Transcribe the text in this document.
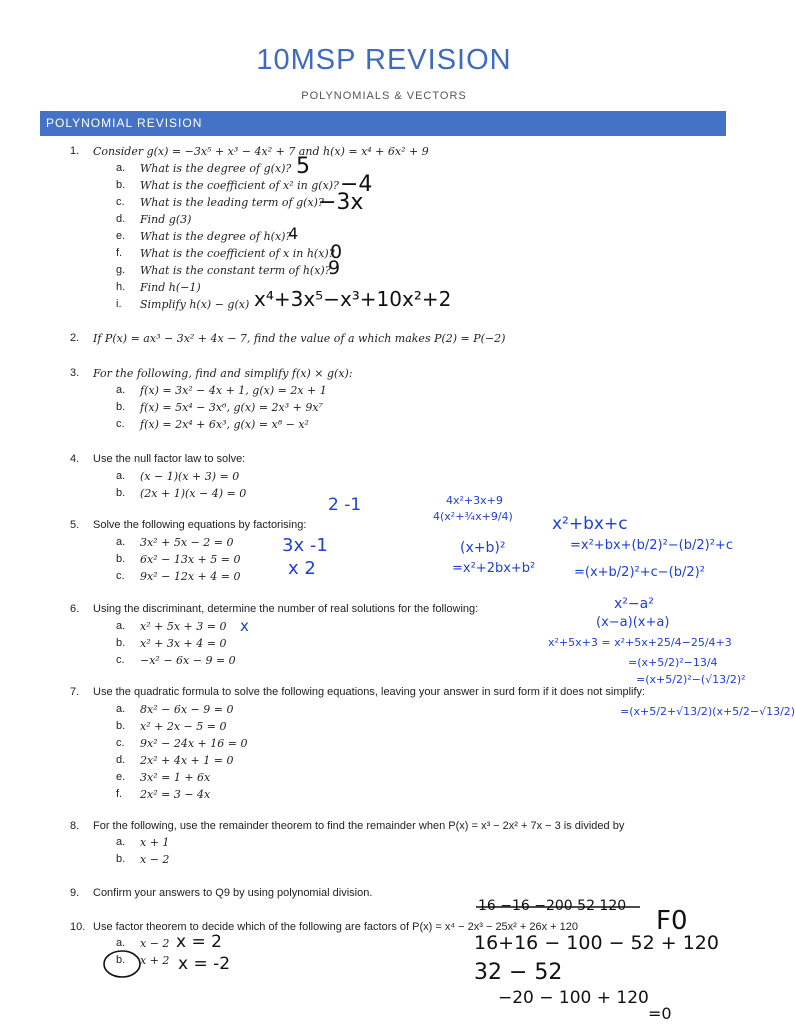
10MSP REVISION
POLYNOMIALS & VECTORS
POLYNOMIAL REVISION
1. Consider g(x) = −3x⁵ + x³ − 4x² + 7 and h(x) = x⁴ + 6x² + 9
2. If P(x) = ax³ − 3x² + 4x − 7, find the value of a which makes P(2) = P(−2)
3. For the following, find and simplify f(x) × g(x):
4. Use the null factor law to solve:
5. Solve the following equations by factorising:
6. Using the discriminant, determine the number of real solutions for the following:
7. Use the quadratic formula to solve the following equations, leaving your answer in surd form if it does not simplify:
8. For the following, use the remainder theorem to find the remainder when P(x) = x³ − 2x² + 7x − 3 is divided by
9. Confirm your answers to Q9 by using polynomial division.
10. Use factor theorem to decide which of the following are factors of P(x) = x⁴ − 2x³ − 25x² + 26x + 120
5
−4
−3x
4
0
9
x⁴+3x⁵−x³+10x²+2
2 -1
3x -1
x 2
4x²+3x+9
4(x²+¾x+9/4)
(x+b)²
=x²+2bx+b²
x²+bx+c
=x²+bx+(b/2)²−(b/2)²+c
=(x+b/2)²+c−(b/2)²
x²−a²
(x−a)(x+a)
x²+5x+3 = x²+5x+25/4−25/4+3
=(x+5/2)²−13/4
=(x+5/2)²−(√13/2)²
=(x+5/2+√13/2)(x+5/2−√13/2)
x
x = 2
x = -2
16 −16 −200 52 120 F0
16+16 − 100 − 52 + 120
32 − 52
−20 − 100 + 120
=0
a. What is the degree of g(x)?
b. What is the coefficient of x² in g(x)?
c. What is the leading term of g(x)?
d. Find g(3)
e. What is the degree of h(x)?
f. What is the coefficient of x in h(x)?
g. What is the constant term of h(x)?
h. Find h(−1)
i. Simplify h(x) − g(x)
a. f(x) = 3x² − 4x + 1, g(x) = 2x + 1
b. f(x) = 5x⁴ − 3x⁶, g(x) = 2x³ + 9x⁷
c. f(x) = 2x⁴ + 6x³, g(x) = x⁸ − x²
a. (x − 1)(x + 3) = 0
b. (2x + 1)(x − 4) = 0
a. 3x² + 5x − 2 = 0
b. 6x² − 13x + 5 = 0
c. 9x² − 12x + 4 = 0
a. x² + 5x + 3 = 0
b. x² + 3x + 4 = 0
c. −x² − 6x − 9 = 0
a. 8x² − 6x − 9 = 0
b. x² + 2x − 5 = 0
c. 9x² − 24x + 16 = 0
d. 2x² + 4x + 1 = 0
e. 3x² = 1 + 6x
f. 2x² = 3 − 4x
a. x + 1
b. x − 2
a. x − 2
b. x + 2
